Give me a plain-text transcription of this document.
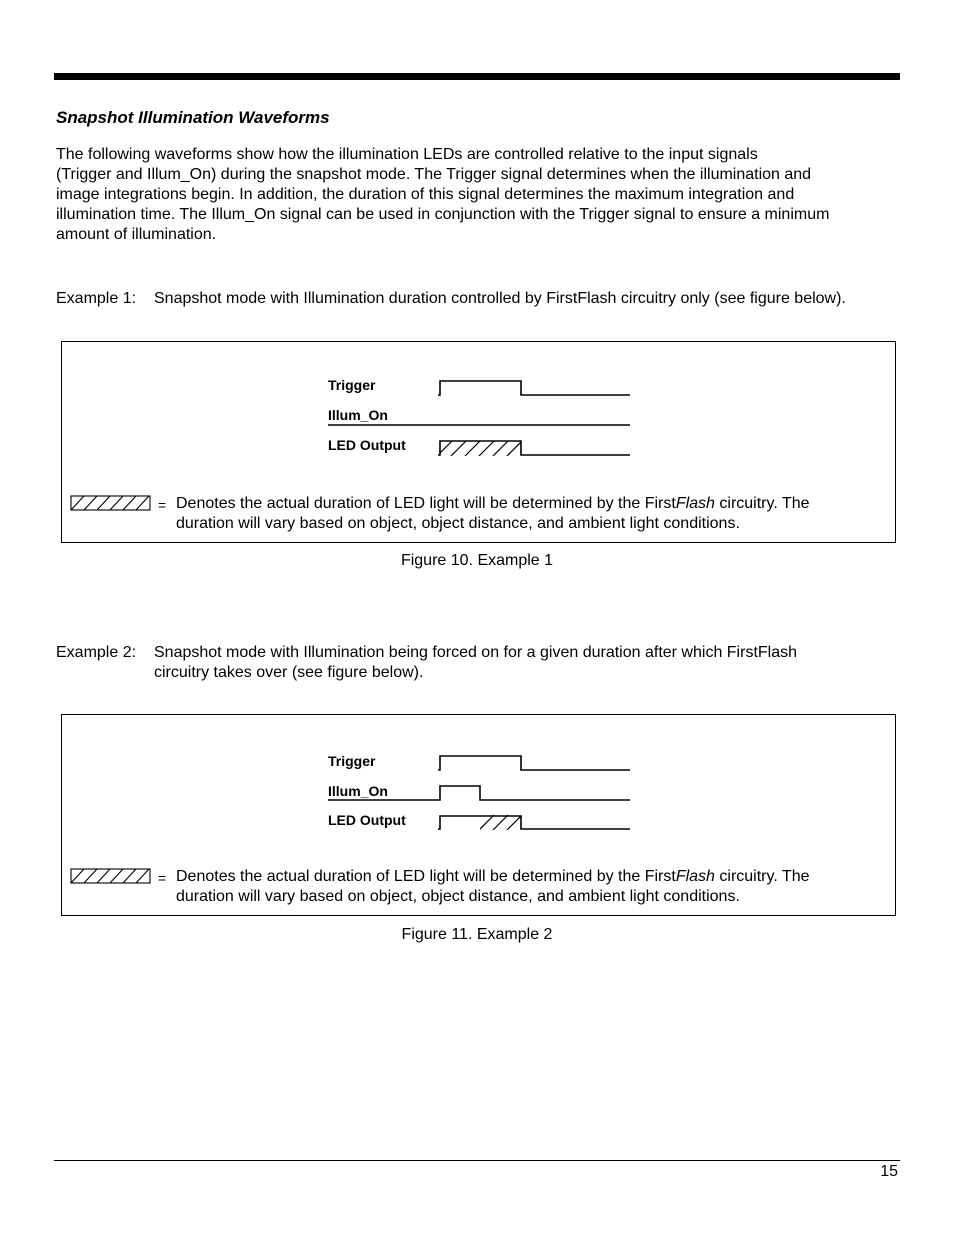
Snapshot Illumination Waveforms
The following waveforms show how the illumination LEDs are controlled relative to the input signals
(Trigger and Illum_On) during the snapshot mode. The Trigger signal determines when the illumination and
image integrations begin. In addition, the duration of this signal determines the maximum integration and
illumination time. The Illum_On signal can be used in conjunction with the Trigger signal to ensure a minimum
amount of illumination.
Example 1: Snapshot mode with Illumination duration controlled by FirstFlash circuitry only (see figure below).
Trigger
Illum_On
LED Output
= Denotes the actual duration of LED light will be determined by the FirstFlash circuitry. The
duration will vary based on object, object distance, and ambient light conditions.
Figure 10. Example 1
Example 2: Snapshot mode with Illumination being forced on for a given duration after which FirstFlash
circuitry takes over (see figure below).
Trigger
Illum_On
LED Output
= Denotes the actual duration of LED light will be determined by the FirstFlash circuitry. The
duration will vary based on object, object distance, and ambient light conditions.
Figure 11. Example 2
15
